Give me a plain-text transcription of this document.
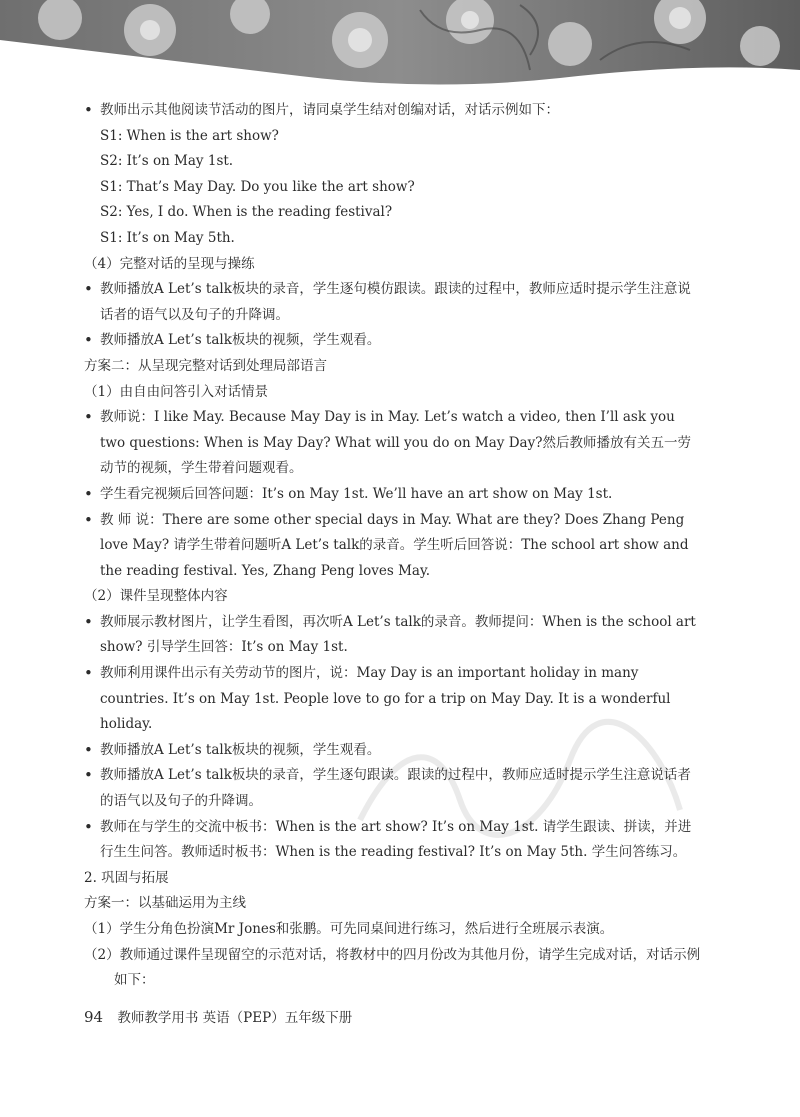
• 教师出示其他阅读节活动的图片，请同桌学生结对创编对话，对话示例如下：
S1: When is the art show?
S2: It’s on May 1st.
S1: That’s May Day. Do you like the art show?
S2: Yes, I do. When is the reading festival?
S1: It’s on May 5th.
（4）完整对话的呈现与操练
• 教师播放A Let’s talk板块的录音，学生逐句模仿跟读。跟读的过程中，教师应适时提示学生注意说话者的语气以及句子的升降调。
• 教师播放A Let’s talk板块的视频，学生观看。
方案二：从呈现完整对话到处理局部语言
（1）由自由问答引入对话情景
• 教师说：I like May. Because May Day is in May. Let’s watch a video, then I’ll ask you two questions: When is May Day? What will you do on May Day?然后教师播放有关五一劳动节的视频，学生带着问题观看。
• 学生看完视频后回答问题：It’s on May 1st. We’ll have an art show on May 1st.
• 教 师 说：There are some other special days in May. What are they? Does Zhang Peng love May? 请学生带着问题听A Let’s talk的录音。学生听后回答说：The school art show and the reading festival. Yes, Zhang Peng loves May.
（2）课件呈现整体内容
• 教师展示教材图片，让学生看图，再次听A Let’s talk的录音。教师提问：When is the school art show? 引导学生回答：It’s on May 1st.
• 教师利用课件出示有关劳动节的图片，说：May Day is an important holiday in many countries. It’s on May 1st. People love to go for a trip on May Day. It is a wonderful holiday.
• 教师播放A Let’s talk板块的视频，学生观看。
• 教师播放A Let’s talk板块的录音，学生逐句跟读。跟读的过程中，教师应适时提示学生注意说话者的语气以及句子的升降调。
• 教师在与学生的交流中板书：When is the art show? It’s on May 1st. 请学生跟读、拼读，并进行生生问答。教师适时板书：When is the reading festival? It’s on May 5th. 学生问答练习。
2. 巩固与拓展
方案一：以基础运用为主线
（1）学生分角色扮演Mr Jones和张鹏。可先同桌间进行练习，然后进行全班展示表演。
（2）教师通过课件呈现留空的示范对话，将教材中的四月份改为其他月份，请学生完成对话，对话示例如下：
94 教师教学用书 英语（PEP）五年级下册
